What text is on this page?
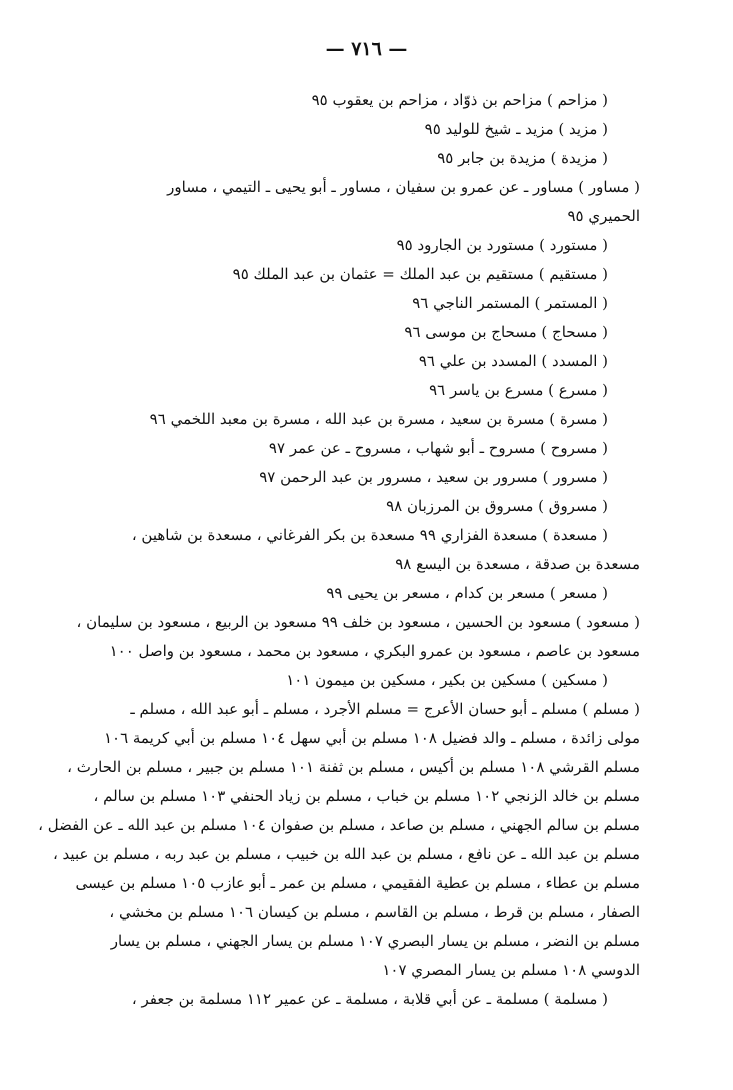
— ٧١٦ —
( مزاحم ) مزاحم بن ذوّاد ، مزاحم بن يعقوب ٩٥
( مزيد ) مزيد ـ شيخ للوليد ٩٥
( مزيدة ) مزيدة بن جابر ٩٥
( مساور ) مساور ـ عن عمرو بن سفيان ، مساور ـ أبو يحيى ـ التيمي ، مساور
الحميري ٩٥
( مستورد ) مستورد بن الجارود ٩٥
( مستقيم ) مستقيم بن عبد الملك = عثمان بن عبد الملك ٩٥
( المستمر ) المستمر الناجي ٩٦
( مسحاج ) مسحاج بن موسى ٩٦
( المسدد ) المسدد بن علي ٩٦
( مسرع ) مسرع بن ياسر ٩٦
( مسرة ) مسرة بن سعيد ، مسرة بن عبد الله ، مسرة بن معبد اللخمي ٩٦
( مسروح ) مسروح ـ أبو شهاب ، مسروح ـ عن عمر ٩٧
( مسرور ) مسرور بن سعيد ، مسرور بن عبد الرحمن ٩٧
( مسروق ) مسروق بن المرزبان ٩٨
( مسعدة ) مسعدة الفزاري ٩٩ مسعدة بن بكر الفرغاني ، مسعدة بن شاهين ،
مسعدة بن صدقة ، مسعدة بن اليسع ٩٨
( مسعر ) مسعر بن كدام ، مسعر بن يحيى ٩٩
( مسعود ) مسعود بن الحسين ، مسعود بن خلف ٩٩ مسعود بن الربيع ، مسعود بن سليمان ،
مسعود بن عاصم ، مسعود بن عمرو البكري ، مسعود بن محمد ، مسعود بن واصل ١٠٠
( مسكين ) مسكين بن بكير ، مسكين بن ميمون ١٠١
( مسلم ) مسلم ـ أبو حسان الأعرج = مسلم الأجرد ، مسلم ـ أبو عبد الله ، مسلم ـ
مولى زائدة ، مسلم ـ والد فضيل ١٠٨ مسلم بن أبي سهل ١٠٤ مسلم بن أبي كريمة ١٠٦
مسلم القرشي ١٠٨ مسلم بن أكيس ، مسلم بن ثفنة ١٠١ مسلم بن جبير ، مسلم بن الحارث ،
مسلم بن خالد الزنجي ١٠٢ مسلم بن خباب ، مسلم بن زياد الحنفي ١٠٣ مسلم بن سالم ،
مسلم بن سالم الجهني ، مسلم بن صاعد ، مسلم بن صفوان ١٠٤ مسلم بن عبد الله ـ عن الفضل ،
مسلم بن عبد الله ـ عن نافع ، مسلم بن عبد الله بن خبيب ، مسلم بن عبد ربه ، مسلم بن عبيد ،
مسلم بن عطاء ، مسلم بن عطية الفقيمي ، مسلم بن عمر ـ أبو عازب ١٠٥ مسلم بن عيسى
الصفار ، مسلم بن قرط ، مسلم بن القاسم ، مسلم بن كيسان ١٠٦ مسلم بن مخشي ،
مسلم بن النضر ، مسلم بن يسار البصري ١٠٧ مسلم بن يسار الجهني ، مسلم بن يسار
الدوسي ١٠٨ مسلم بن يسار المصري ١٠٧
( مسلمة ) مسلمة ـ عن أبي قلابة ، مسلمة ـ عن عمير ١١٢ مسلمة بن جعفر ،
